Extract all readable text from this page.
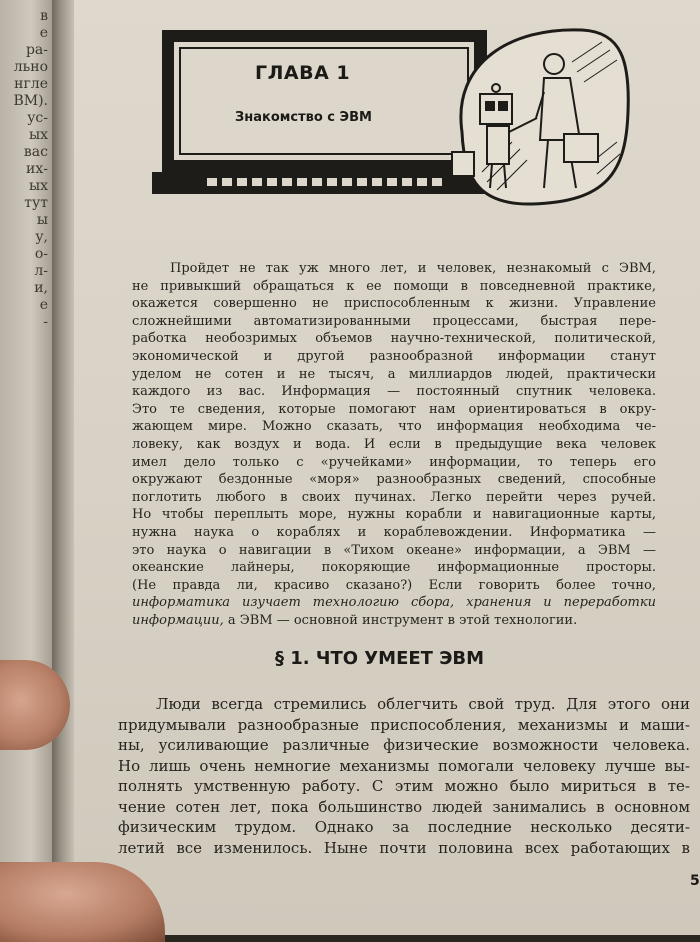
в
е
ра-
льно
нгле
ВМ).
ус-
ых
вас
их-
ых
тут
ы
у,
о-
л-
и,
е
-
ГЛАВА 1
Знакомство с ЭВМ
Пройдет не так уж много лет, и человек, незнакомый с ЭВМ,
не привыкший обращаться к ее помощи в повседневной практике,
окажется совершенно не приспособленным к жизни. Управление
сложнейшими автоматизированными процессами, быстрая пере-
работка необозримых объемов научно-технической, политической,
экономической и другой разнообразной информации станут
уделом не сотен и не тысяч, а миллиардов людей, практически
каждого из вас. Информация — постоянный спутник человека.
Это те сведения, которые помогают нам ориентироваться в окру-
жающем мире. Можно сказать, что информация необходима че-
ловеку, как воздух и вода. И если в предыдущие века человек
имел дело только с «ручейками» информации, то теперь его
окружают бездонные «моря» разнообразных сведений, способные
поглотить любого в своих пучинах. Легко перейти через ручей.
Но чтобы переплыть море, нужны корабли и навигационные карты,
нужна наука о кораблях и кораблевождении. Информатика —
это наука о навигации в «Тихом океане» информации, а ЭВМ —
океанские лайнеры, покоряющие информационные просторы.
(Не правда ли, красиво сказано?) Если говорить более точно,
информатика изучает технологию сбора, хранения и переработки
информации, а ЭВМ — основной инструмент в этой технологии.
§ 1. ЧТО УМЕЕТ ЭВМ
Люди всегда стремились облегчить свой труд. Для этого они
придумывали разнообразные приспособления, механизмы и маши-
ны, усиливающие различные физические возможности человека.
Но лишь очень немногие механизмы помогали человеку лучше вы-
полнять умственную работу. С этим можно было мириться в те-
чение сотен лет, пока большинство людей занимались в основном
физическим трудом. Однако за последние несколько десяти-
летий все изменилось. Ныне почти половина всех работающих в
5
